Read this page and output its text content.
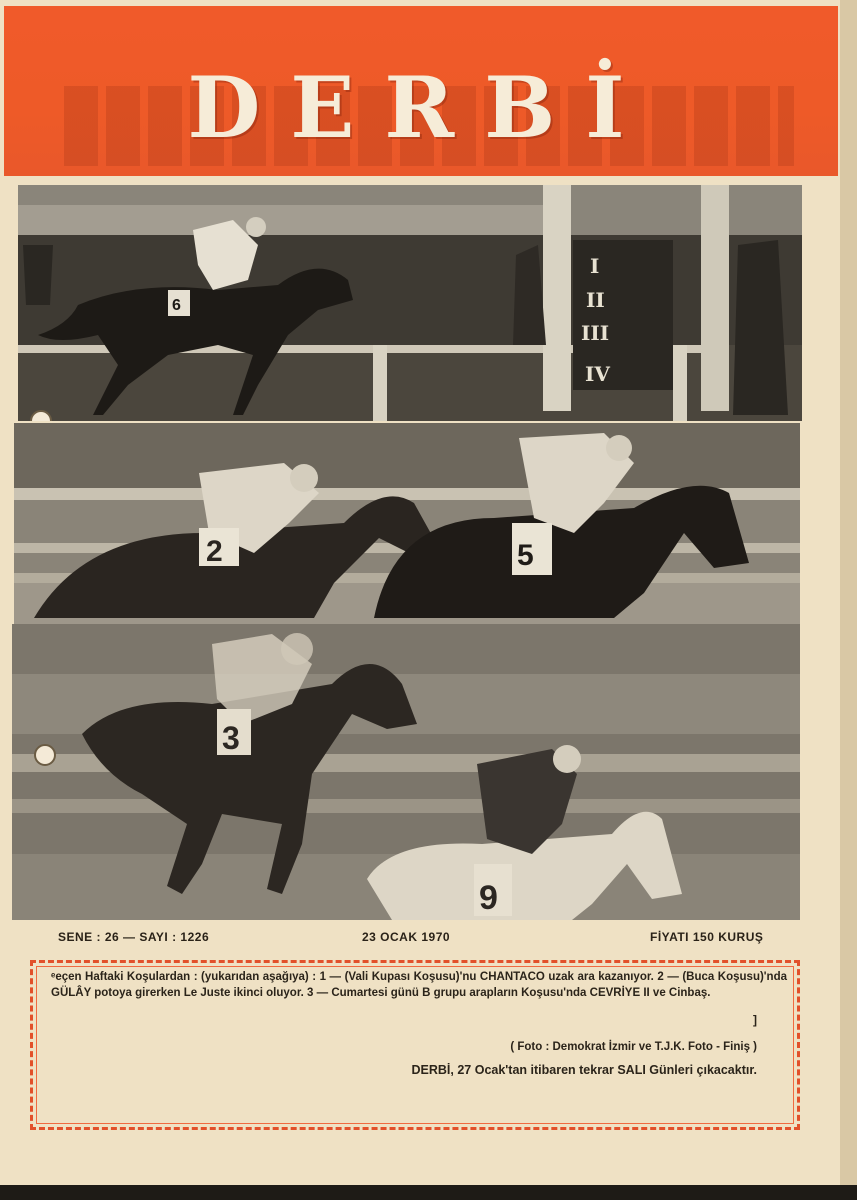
DERBİ
I
II
III
IV
6
2	5
3
9
SENE : 26 — SAYI : 1226	23 OCAK 1970	FİYATI 150 KURUŞ
ᵉeçen Haftaki Koşulardan : (yukarıdan aşağıya) : 1 — (Vali Kupası Koşusu)'nu CHANTACO uzak ara kazanıyor. 2 — (Buca Koşusu)'nda GÜLÂY potoya girerken Le Juste ikinci oluyor. 3 — Cumartesi günü B grupu arapların Koşusu'nda CEVRİYE II ve Cinbaş.
]
( Foto : Demokrat İzmir ve T.J.K. Foto - Finiş )
DERBİ, 27 Ocak'tan itibaren tekrar SALI Günleri çıkacaktır.
